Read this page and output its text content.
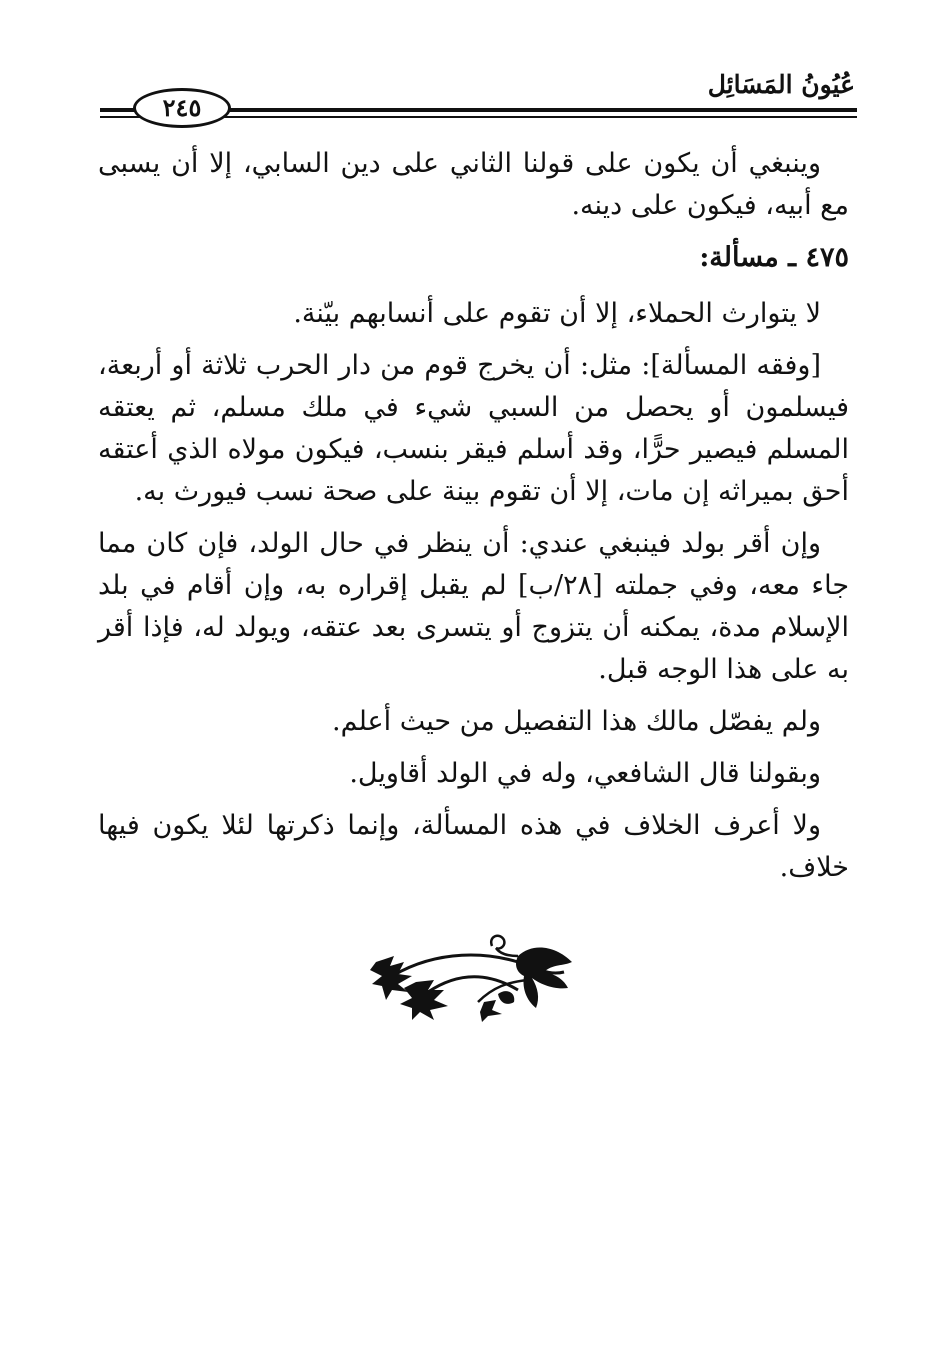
عُيُونُ المَسَائِل
٢٤٥

وينبغي أن يكون على قولنا الثاني على دين السابي، إلا أن يسبى مع أبيه، فيكون على دينه.

٤٧٥ ـ مسألة:

لا يتوارث الحملاء، إلا أن تقوم على أنسابهم بيّنة.

[وفقه المسألة]: مثل: أن يخرج قوم من دار الحرب ثلاثة أو أربعة، فيسلمون أو يحصل من السبي شيء في ملك مسلم، ثم يعتقه المسلم فيصير حرًّا، وقد أسلم فيقر بنسب، فيكون مولاه الذي أعتقه أحق بميراثه إن مات، إلا أن تقوم بينة على صحة نسب فيورث به.

وإن أقر بولد فينبغي عندي: أن ينظر في حال الولد، فإن كان مما جاء معه، وفي جملته [٢٨/ب] لم يقبل إقراره به، وإن أقام في بلد الإسلام مدة، يمكنه أن يتزوج أو يتسرى بعد عتقه، ويولد له، فإذا أقر به على هذا الوجه قبل.

ولم يفصّل مالك هذا التفصيل من حيث أعلم.

وبقولنا قال الشافعي، وله في الولد أقاويل.

ولا أعرف الخلاف في هذه المسألة، وإنما ذكرتها لئلا يكون فيها خلاف.
